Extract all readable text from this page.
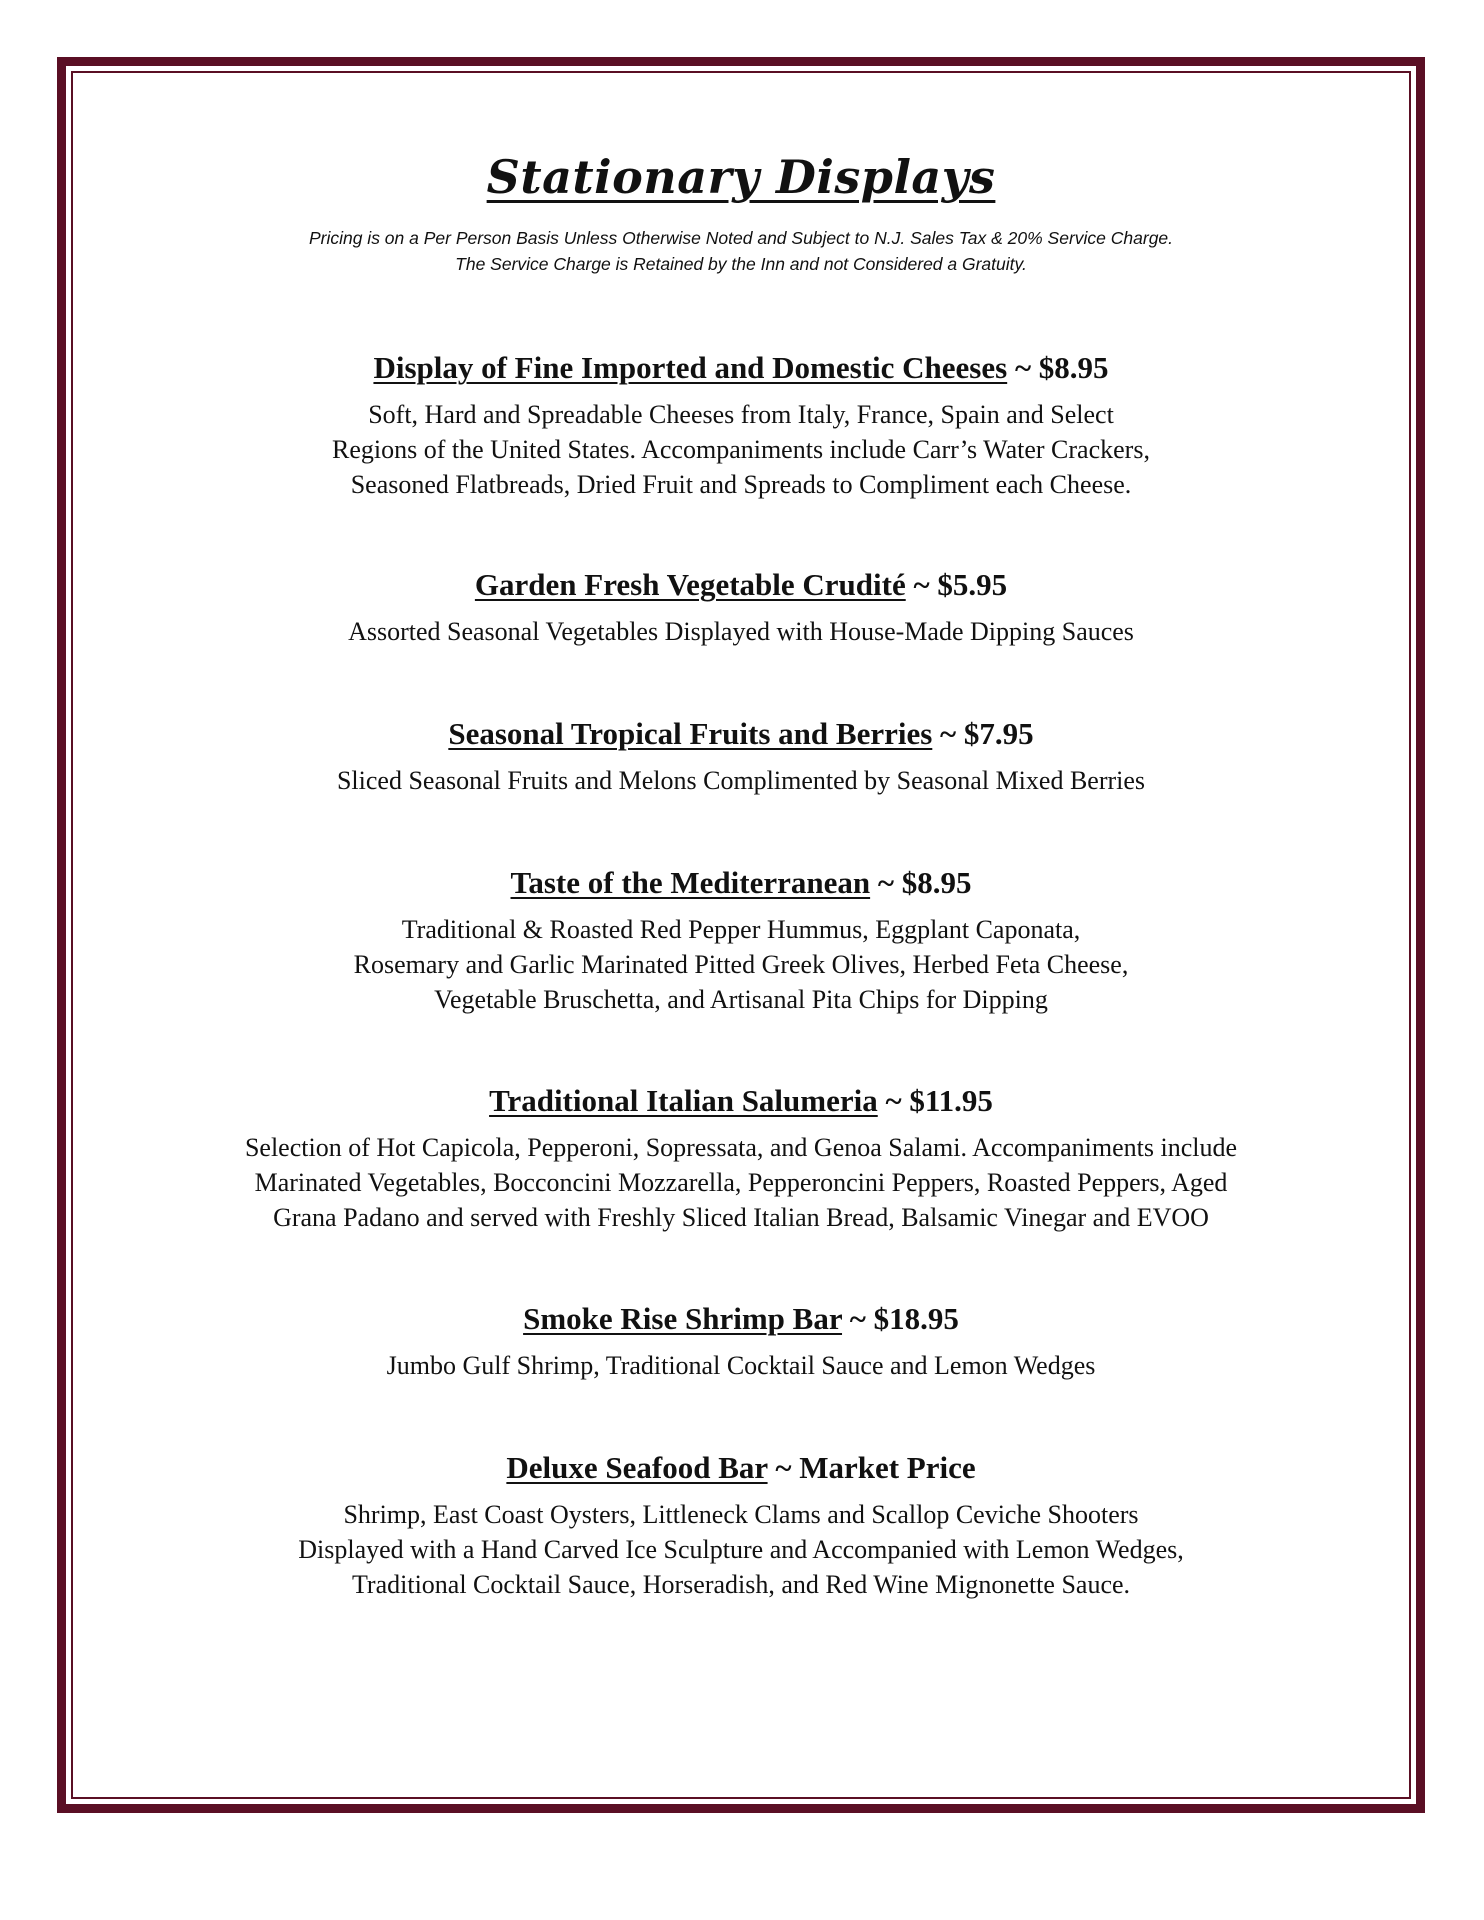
Stationary Displays
Pricing is on a Per Person Basis Unless Otherwise Noted and Subject to N.J. Sales Tax & 20% Service Charge.
The Service Charge is Retained by the Inn and not Considered a Gratuity.
Display of Fine Imported and Domestic Cheeses ~ $8.95
Soft, Hard and Spreadable Cheeses from Italy, France, Spain and Select
Regions of the United States. Accompaniments include Carr’s Water Crackers,
Seasoned Flatbreads, Dried Fruit and Spreads to Compliment each Cheese.
Garden Fresh Vegetable Crudité ~ $5.95
Assorted Seasonal Vegetables Displayed with House-Made Dipping Sauces
Seasonal Tropical Fruits and Berries ~ $7.95
Sliced Seasonal Fruits and Melons Complimented by Seasonal Mixed Berries
Taste of the Mediterranean ~ $8.95
Traditional & Roasted Red Pepper Hummus, Eggplant Caponata,
Rosemary and Garlic Marinated Pitted Greek Olives, Herbed Feta Cheese,
Vegetable Bruschetta, and Artisanal Pita Chips for Dipping
Traditional Italian Salumeria ~ $11.95
Selection of Hot Capicola, Pepperoni, Sopressata, and Genoa Salami. Accompaniments include
Marinated Vegetables, Bocconcini Mozzarella, Pepperoncini Peppers, Roasted Peppers, Aged
Grana Padano and served with Freshly Sliced Italian Bread, Balsamic Vinegar and EVOO
Smoke Rise Shrimp Bar ~ $18.95
Jumbo Gulf Shrimp, Traditional Cocktail Sauce and Lemon Wedges
Deluxe Seafood Bar ~ Market Price
Shrimp, East Coast Oysters, Littleneck Clams and Scallop Ceviche Shooters
Displayed with a Hand Carved Ice Sculpture and Accompanied with Lemon Wedges,
Traditional Cocktail Sauce, Horseradish, and Red Wine Mignonette Sauce.
